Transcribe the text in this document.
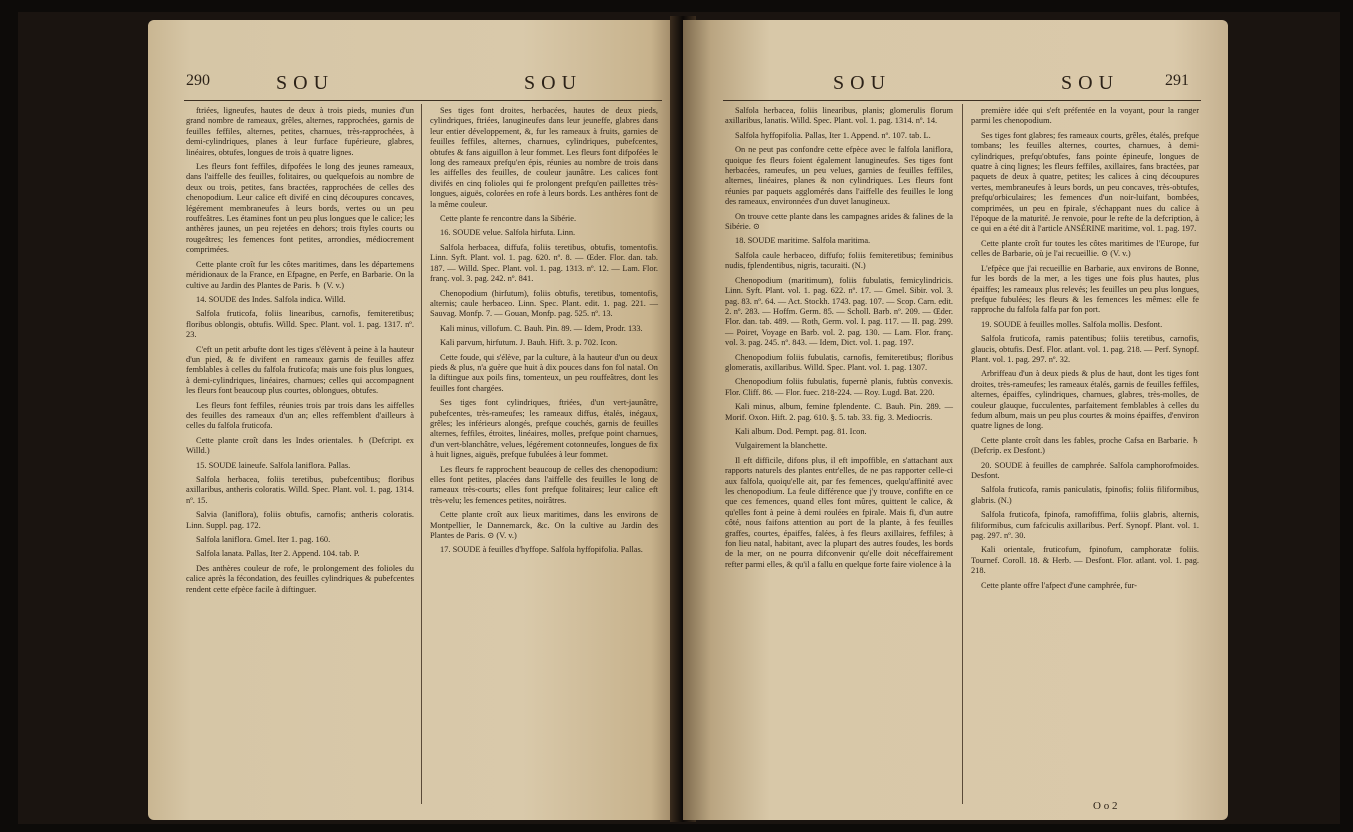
290	SOU	SOU

ftriées, ligneufes, hautes de deux à trois pieds, munies d'un grand nombre de rameaux, grêles, alternes, rapprochées, garnis de feuilles feffiles, alternes, petites, charnues, très-rapprochées, à demi-cylindriques, planes à leur furface fupérieure, glabres, linéaires, obtufes, longues de trois à quatre lignes.

Les fleurs font feffiles, difpofées le long des jeunes rameaux, dans l'aiffelle des feuilles, folitaires, ou quelquefois au nombre de deux ou trois, petites, fans bractées, rapprochées de celles des chenopodium. Leur calice eft divifé en cinq découpures concaves, légérement membraneufes à leurs bords, vertes ou un peu rouffeâtres. Les étamines font un peu plus longues que le calice; les anthères jaunes, un peu rejetées en dehors; trois ftyles courts ou rougeâtres; les femences font petites, arrondies, médiocrement comprimées.

Cette plante croît fur les côtes maritimes, dans les départemens méridionaux de la France, en Efpagne, en Perfe, en Barbarie. On la cultive au Jardin des Plantes de Paris. ♄ (V. v.)

14. SOUDE des Indes. Salfola indica. Willd.

Salfola fruticofa, foliis linearibus, carnofis, femiteretibus; floribus oblongis, obtufis. Willd. Spec. Plant. vol. 1. pag. 1317. nº. 23.

C'eft un petit arbufte dont les tiges s'élèvent à peine à la hauteur d'un pied, & fe divifent en rameaux garnis de feuilles affez femblables à celles du falfola fruticofa; mais une fois plus longues, à demi-cylindriques, linéaires, charnues; celles qui accompagnent les fleurs font beaucoup plus courtes, oblongues, obtufes.

Les fleurs font feffiles, réunies trois par trois dans les aiffelles des feuilles des rameaux d'un an; elles reffemblent d'ailleurs à celles du falfola fruticofa.

Cette plante croît dans les Indes orientales. ♄ (Defcript. ex Willd.)

15. SOUDE laineufe. Salfola laniflora. Pallas.

Salfola herbacea, foliis teretibus, pubefcentibus; floribus axillaribus, antheris coloratis. Willd. Spec. Plant. vol. 1. pag. 1314. nº. 15.

Salvia (laniflora), foliis obtufis, carnofis; antheris coloratis. Linn. Suppl. pag. 172.

Salfola laniflora. Gmel. Iter 1. pag. 160.

Salfola lanata. Pallas, Iter 2. Append. 104. tab. P.

Des anthères couleur de rofe, le prolongement des folioles du calice après la fécondation, des feuilles cylindriques & pubefcentes rendent cette efpèce facile à diftinguer.

Ses tiges font droites, herbacées, hautes de deux pieds, cylindriques, ftriées, lanugineufes dans leur jeuneffe, glabres dans leur entier développement, &, fur les rameaux à fruits, garnies de feuilles feffiles, alternes, charnues, cylindriques, pubefcentes, obtufes & fans aiguillon à leur fommet. Les fleurs font difpofées le long des rameaux prefqu'en épis, réunies au nombre de trois dans les aiffelles des feuilles, de couleur jaunâtre. Les calices font divifés en cinq folioles qui fe prolongent prefqu'en paillettes très-longues, aiguës, colorées en rofe à leurs bords. Les anthères font de la même couleur.

Cette plante fe rencontre dans la Sibérie.

16. SOUDE velue. Salfola hirfuta. Linn.

Salfola herbacea, diffufa, foliis teretibus, obtufis, tomentofis. Linn. Syft. Plant. vol. 1. pag. 620. nº. 8. — Œder. Flor. dan. tab. 187. — Willd. Spec. Plant. vol. 1. pag. 1313. nº. 12. — Lam. Flor. franç. vol. 3. pag. 242. nº. 841.

Chenopodium (hirfutum), foliis obtufis, teretibus, tomentofis, alternis; caule herbaceo. Linn. Spec. Plant. edit. 1. pag. 221. — Sauvag. Monfp. 7. — Gouan, Monfp. pag. 525. nº. 13.

Kali minus, villofum. C. Bauh. Pin. 89. — Idem, Prodr. 133.

Kali parvum, hirfutum. J. Bauh. Hift. 3. p. 702. Icon.

Cette foude, qui s'élève, par la culture, à la hauteur d'un ou deux pieds & plus, n'a guère que huit à dix pouces dans fon fol natal. On la diftingue aux poils fins, tomenteux, un peu rouffeâtres, dont les feuilles font chargées.

Ses tiges font cylindriques, ftriées, d'un vert-jaunâtre, pubefcentes, très-rameufes; les rameaux diffus, étalés, inégaux, grêles; les inférieurs alongés, prefque couchés, garnis de feuilles alternes, feffiles, étroites, linéaires, molles, prefque point charnues, d'un vert-blanchâtre, velues, légérement cotonneufes, longues de fix à huit lignes, aiguës, prefque fubulées à leur fommet.

Les fleurs fe rapprochent beaucoup de celles des chenopodium: elles font petites, placées dans l'aiffelle des feuilles le long de rameaux très-courts; elles font prefque folitaires; leur calice eft très-velu; les femences petites, noirâtres.

Cette plante croît aux lieux maritimes, dans les environs de Montpellier, le Dannemarck, &c. On la cultive au Jardin des Plantes de Paris. ⊙ (V. v.)

17. SOUDE à feuilles d'hyffope. Salfola hyffopifolia. Pallas.

SOU	SOU	291

Salfola herbacea, foliis linearibus, planis; glomerulis florum axillaribus, lanatis. Willd. Spec. Plant. vol. 1. pag. 1314. nº. 14.

Salfola hyffopifolia. Pallas, Iter 1. Append. nº. 107. tab. L.

On ne peut pas confondre cette efpèce avec le falfola laniflora, quoique fes fleurs foient également lanugineufes. Ses tiges font herbacées, rameufes, un peu velues, garnies de feuilles feffiles, alternes, linéaires, planes & non cylindriques. Les fleurs font réunies par paquets agglomérés dans l'aiffelle des feuilles le long des rameaux, environnées d'un duvet lanugineux.

On trouve cette plante dans les campagnes arides & falines de la Sibérie. ⊙

18. SOUDE maritime. Salfola maritima.

Salfola caule herbaceo, diffufo; foliis femiteretibus; feminibus nudis, fplendentibus, nigris, tacuraiti. (N.)

Chenopodium (maritimum), foliis fubulatis, femicylindricis. Linn. Syft. Plant. vol. 1. pag. 622. nº. 17. — Gmel. Sibir. vol. 3. pag. 83. nº. 64. — Act. Stockh. 1743. pag. 107. — Scop. Carn. edit. 2. nº. 283. — Hoffm. Germ. 85. — Scholl. Barb. nº. 209. — Œder. Flor. dan. tab. 489. — Roth, Germ. vol. I. pag. 117. — II. pag. 299. — Poiret, Voyage en Barb. vol. 2. pag. 130. — Lam. Flor. franç. vol. 3. pag. 245. nº. 843. — Idem, Dict. vol. 1. pag. 197.

Chenopodium foliis fubulatis, carnofis, femiteretibus; floribus glomeratis, axillaribus. Willd. Spec. Plant. vol. 1. pag. 1307.

Chenopodium foliis fubulatis, fupernè planis, fubtùs convexis. Flor. Cliff. 86. — Flor. fuec. 218-224. — Roy. Lugd. Bat. 220.

Kali minus, album, femine fplendente. C. Bauh. Pin. 289. — Morif. Oxon. Hift. 2. pag. 610. §. 5. tab. 33. fig. 3. Mediocris.

Kali album. Dod. Pempt. pag. 81. Icon.

Vulgairement la blanchette.

Il eft difficile, difons plus, il eft impoffible, en s'attachant aux rapports naturels des plantes entr'elles, de ne pas rapporter celle-ci aux falfola, quoiqu'elle ait, par fes femences, quelqu'affinité avec les chenopodium. La feule différence que j'y trouve, confifte en ce que ces femences, quand elles font mûres, quittent le calice, & qu'elles font à peine à demi roulées en fpirale. Mais fi, d'un autre côté, nous faifons attention au port de la plante, à fes feuilles graffes, courtes, épaiffes, falées, à fes fleurs axillaires, feffiles; à fon lieu natal, habitant, avec la plupart des autres foudes, les bords de la mer, on ne pourra difconvenir qu'elle doit néceffairement refter parmi elles, & qu'il a fallu en quelque forte faire violence à la

première idée qui s'eft préfentée en la voyant, pour la ranger parmi les chenopodium.

Ses tiges font glabres; fes rameaux courts, grêles, étalés, prefque tombans; les feuilles alternes, courtes, charnues, à demi-cylindriques, prefqu'obtufes, fans pointe épineufe, longues de quatre à cinq lignes; les fleurs feffiles, axillaires, fans bractées, par paquets de deux à quatre, petites; les calices à cinq découpures vertes, membraneufes à leurs bords, un peu concaves, très-obtufes, prefqu'orbiculaires; les femences d'un noir-luifant, bombées, comprimées, un peu en fpirale, s'échappant nues du calice à l'époque de la maturité. Je renvoie, pour le refte de la defcription, à ce qui en a été dit à l'article ANSÉRINE maritime, vol. 1. pag. 197.

Cette plante croît fur toutes les côtes maritimes de l'Europe, fur celles de Barbarie, où je l'ai recueillie. ⊙ (V. v.)

L'efpèce que j'ai recueillie en Barbarie, aux environs de Bonne, fur les bords de la mer, a les tiges une fois plus hautes, plus épaiffes; les rameaux plus relevés; les feuilles un peu plus longues, prefque fubulées; les fleurs & les femences les mêmes: elle fe rapproche du falfola falfa par fon port.

19. SOUDE à feuilles molles. Salfola mollis. Desfont.

Salfola fruticofa, ramis patentibus; foliis teretibus, carnofis, glaucis, obtufis. Desf. Flor. atlant. vol. 1. pag. 218. — Perf. Synopf. Plant. vol. 1. pag. 297. nº. 32.

Arbriffeau d'un à deux pieds & plus de haut, dont les tiges font droites, très-rameufes; les rameaux étalés, garnis de feuilles feffiles, alternes, épaiffes, cylindriques, charnues, glabres, très-molles, de couleur glauque, fucculentes, parfaitement femblables à celles du fedum album, mais un peu plus courtes & moins épaiffes, d'environ quatre lignes de long.

Cette plante croît dans les fables, proche Cafsa en Barbarie. ♄ (Defcrip. ex Desfont.)

20. SOUDE à feuilles de camphrée. Salfola camphorofmoides. Desfont.

Salfola fruticofa, ramis paniculatis, fpinofis; foliis filiformibus, glabris. (N.)

Salfola fruticofa, fpinofa, ramofiffima, foliis glabris, alternis, filiformibus, cum fafciculis axillaribus. Perf. Synopf. Plant. vol. 1. pag. 297. nº. 30.

Kali orientale, fruticofum, fpinofum, camphoratæ foliis. Tournef. Coroll. 18. & Herb. — Desfont. Flor. atlant. vol. 1. pag. 218.

Cette plante offre l'afpect d'une camphrée, fur-

O o 2
